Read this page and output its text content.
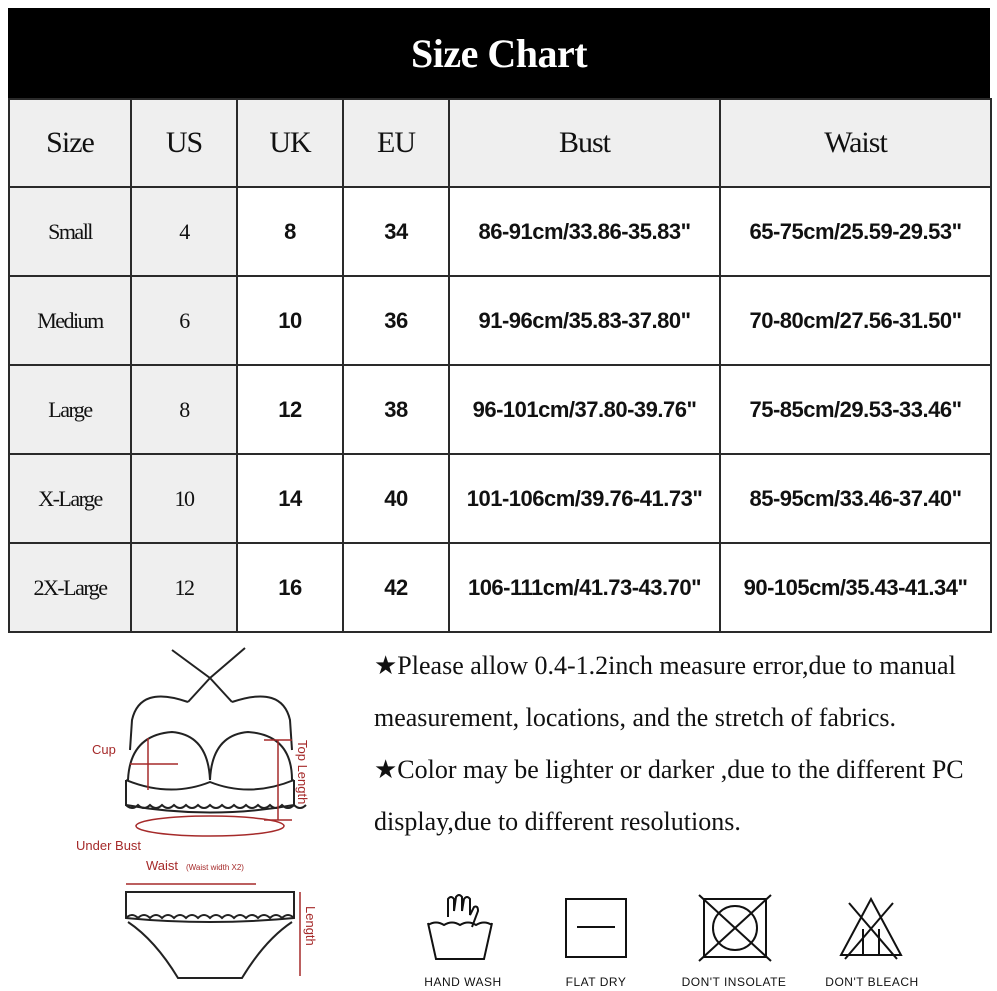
Size Chart
Size	US	UK	EU	Bust	Waist
Small	4	8	34	86-91cm/33.86-35.83"	65-75cm/25.59-29.53"
Medium	6	10	36	91-96cm/35.83-37.80"	70-80cm/27.56-31.50"
Large	8	12	38	96-101cm/37.80-39.76"	75-85cm/29.53-33.46"
X-Large	10	14	40	101-106cm/39.76-41.73"	85-95cm/33.46-37.40"
2X-Large	12	16	42	106-111cm/41.73-43.70"	90-105cm/35.43-41.34"
Cup	Top Length
Under Bust
Waist (Waist width X2)
Length

★Please allow 0.4-1.2inch measure error,due to manual measurement, locations, and the stretch of fabrics.

★Color may be lighter or darker ,due to the different PC display,due to different resolutions.

HAND WASH	FLAT DRY	DON'T INSOLATE	DON'T BLEACH
